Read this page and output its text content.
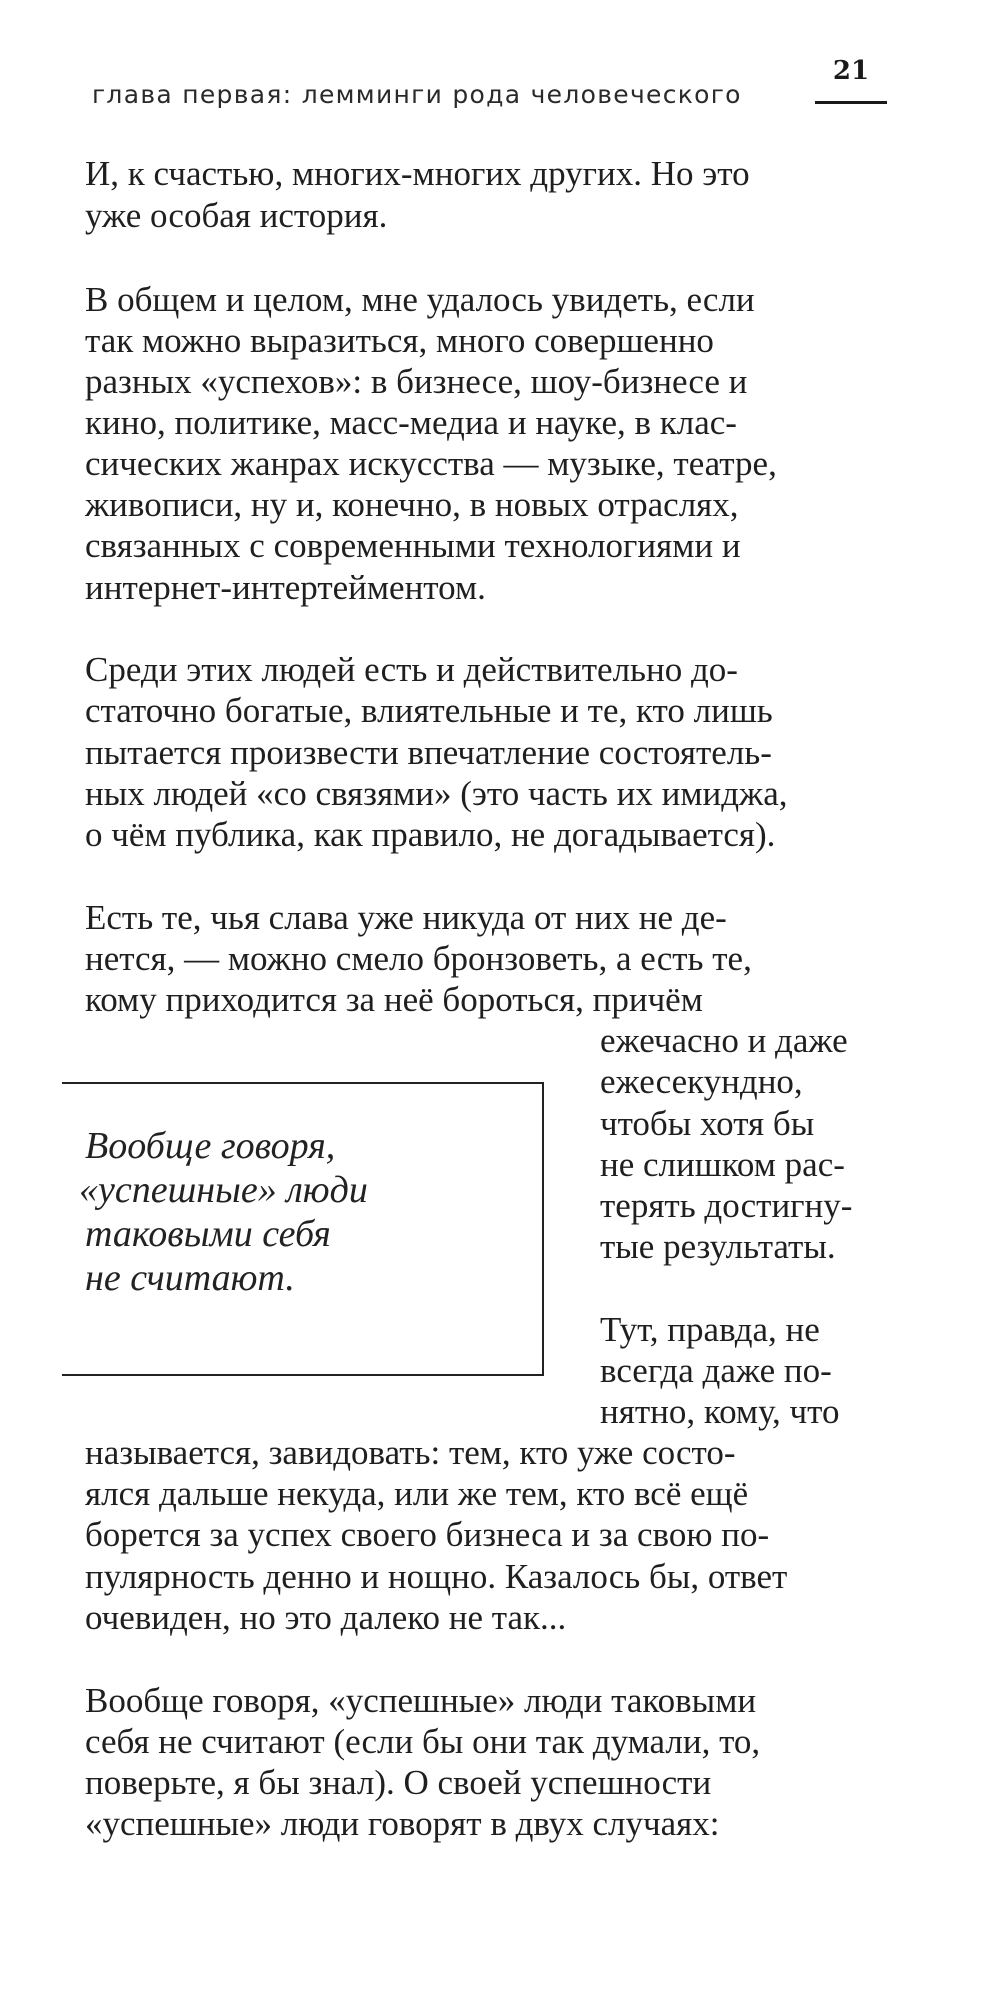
глава первая: лемминги рода человеческого
21
И, к счастью, многих-многих других. Но это
уже особая история.
В общем и целом, мне удалось увидеть, если
так можно выразиться, много совершенно
разных «успехов»: в бизнесе, шоу-бизнесе и
кино, политике, масс-медиа и науке, в клас-
сических жанрах искусства — музыке, театре,
живописи, ну и, конечно, в новых отраслях,
связанных с современными технологиями и
интернет-интертейментом.
Среди этих людей есть и действительно до-
статочно богатые, влиятельные и те, кто лишь
пытается произвести впечатление состоятель-
ных людей «со связями» (это часть их имиджа,
о чём публика, как правило, не догадывается).
Есть те, чья слава уже никуда от них не де-
нется, — можно смело бронзоветь, а есть те,
кому приходится за неё бороться, причём
ежечасно и даже
ежесекундно,
чтобы хотя бы
не слишком рас-
терять достигну-
тые результаты.
Тут, правда, не
всегда даже по-
нятно, кому, что
называется, завидовать: тем, кто уже состо-
ялся дальше некуда, или же тем, кто всё ещё
борется за успех своего бизнеса и за свою по-
пулярность денно и нощно. Казалось бы, ответ
очевиден, но это далеко не так...
Вообще говоря, «успешные» люди таковыми
себя не считают (если бы они так думали, то,
поверьте, я бы знал). О своей успешности
«успешные» люди говорят в двух случаях:
Вообще говоря,
«успешные» люди
таковыми себя
не считают.
